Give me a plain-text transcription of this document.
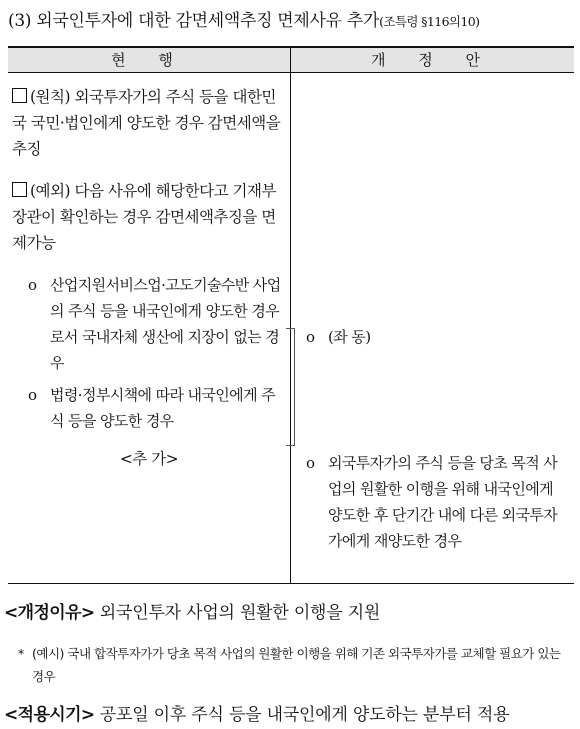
(3) 외국인투자에 대한 감면세액추징 면제사유 추가(조특령 §116의10)
현 행	개 정 안
(원칙) 외국투자가의 주식 등을 대한민국 국민·법인에게 양도한 경우 감면세액을 추징
(예외) 다음 사유에 해당한다고 기재부장관이 확인하는 경우 감면세액추징을 면제가능
o 산업지원서비스업·고도기술수반 사업의 주식 등을 내국인에게 양도한 경우로서 국내자체 생산에 지장이 없는 경우
o 법령·정부시책에 따라 내국인에게 주식 등을 양도한 경우
<추 가>
o (좌 동)
o 외국투자가의 주식 등을 당초 목적 사업의 원활한 이행을 위해 내국인에게 양도한 후 단기간 내에 다른 외국투자가에게 재양도한 경우
<개정이유> 외국인투자 사업의 원활한 이행을 지원
* (예시) 국내 합작투자가가 당초 목적 사업의 원활한 이행을 위해 기존 외국투자가를 교체할 필요가 있는 경우
<적용시기> 공포일 이후 주식 등을 내국인에게 양도하는 분부터 적용
